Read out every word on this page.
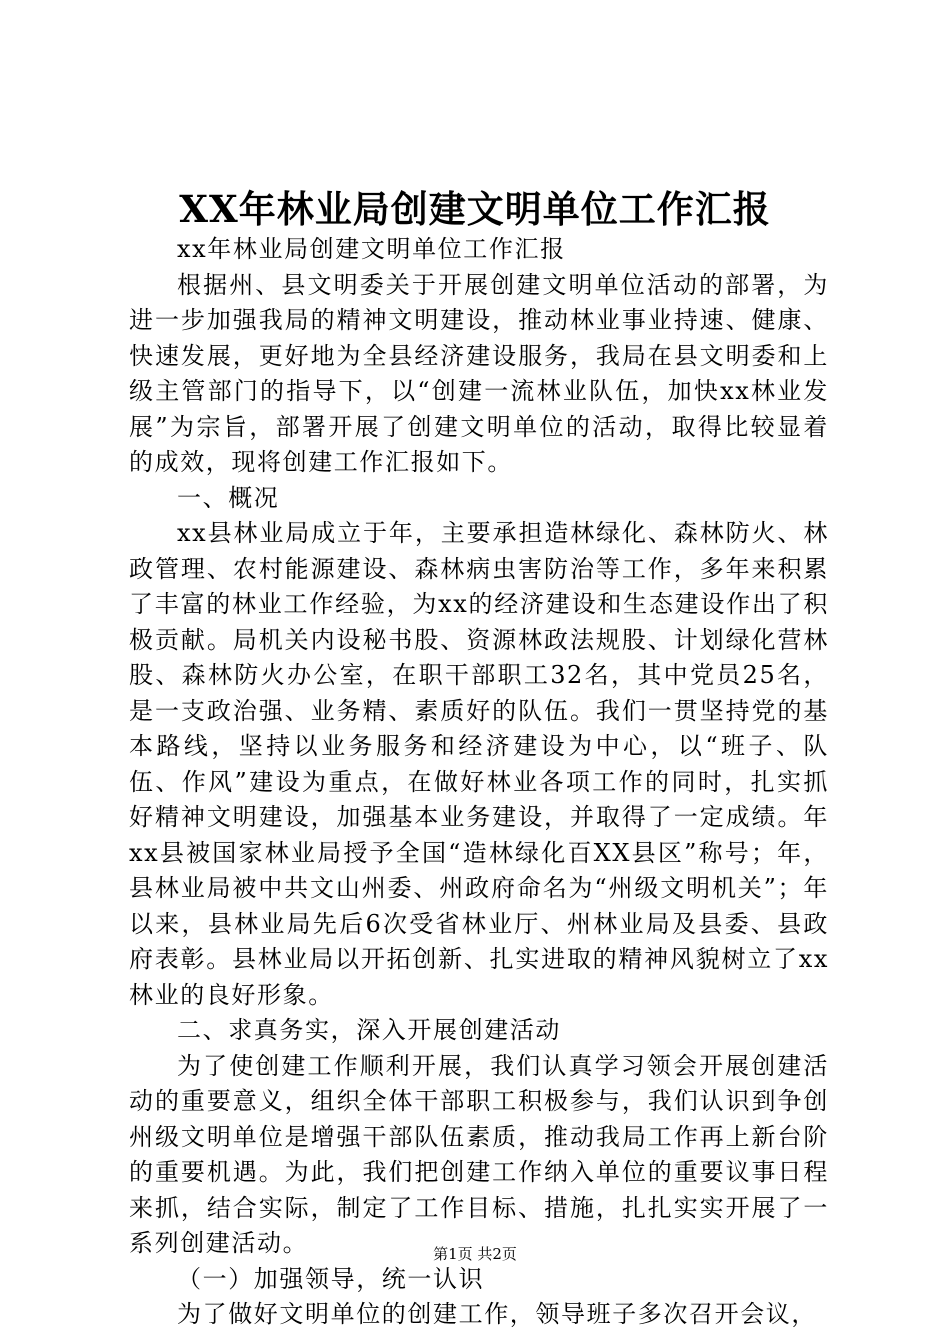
XX年林业局创建文明单位工作汇报

xx年林业局创建文明单位工作汇报

根据州、县文明委关于开展创建文明单位活动的部署，为进一步加强我局的精神文明建设，推动林业事业持速、健康、快速发展，更好地为全县经济建设服务，我局在县文明委和上级主管部门的指导下，以“创建一流林业队伍，加快xx林业发展”为宗旨，部署开展了创建文明单位的活动，取得比较显着的成效，现将创建工作汇报如下。

一、概况

xx县林业局成立于年，主要承担造林绿化、森林防火、林政管理、农村能源建设、森林病虫害防治等工作，多年来积累了丰富的林业工作经验，为xx的经济建设和生态建设作出了积极贡献。局机关内设秘书股、资源林政法规股、计划绿化营林股、森林防火办公室，在职干部职工32名，其中党员25名，是一支政治强、业务精、素质好的队伍。我们一贯坚持党的基本路线，坚持以业务服务和经济建设为中心，以“班子、队伍、作风”建设为重点，在做好林业各项工作的同时，扎实抓好精神文明建设，加强基本业务建设，并取得了一定成绩。年xx县被国家林业局授予全国“造林绿化百XX县区”称号；年，县林业局被中共文山州委、州政府命名为“州级文明机关”；年以来，县林业局先后6次受省林业厅、州林业局及县委、县政府表彰。县林业局以开拓创新、扎实进取的精神风貌树立了xx林业的良好形象。

二、求真务实，深入开展创建活动

为了使创建工作顺利开展，我们认真学习领会开展创建活动的重要意义，组织全体干部职工积极参与，我们认识到争创州级文明单位是增强干部队伍素质，推动我局工作再上新台阶的重要机遇。为此，我们把创建工作纳入单位的重要议事日程来抓，结合实际，制定了工作目标、措施，扎扎实实开展了一系列创建活动。

（一）加强领导，统一认识

为了做好文明单位的创建工作，领导班子多次召开会议，

第1页 共2页
